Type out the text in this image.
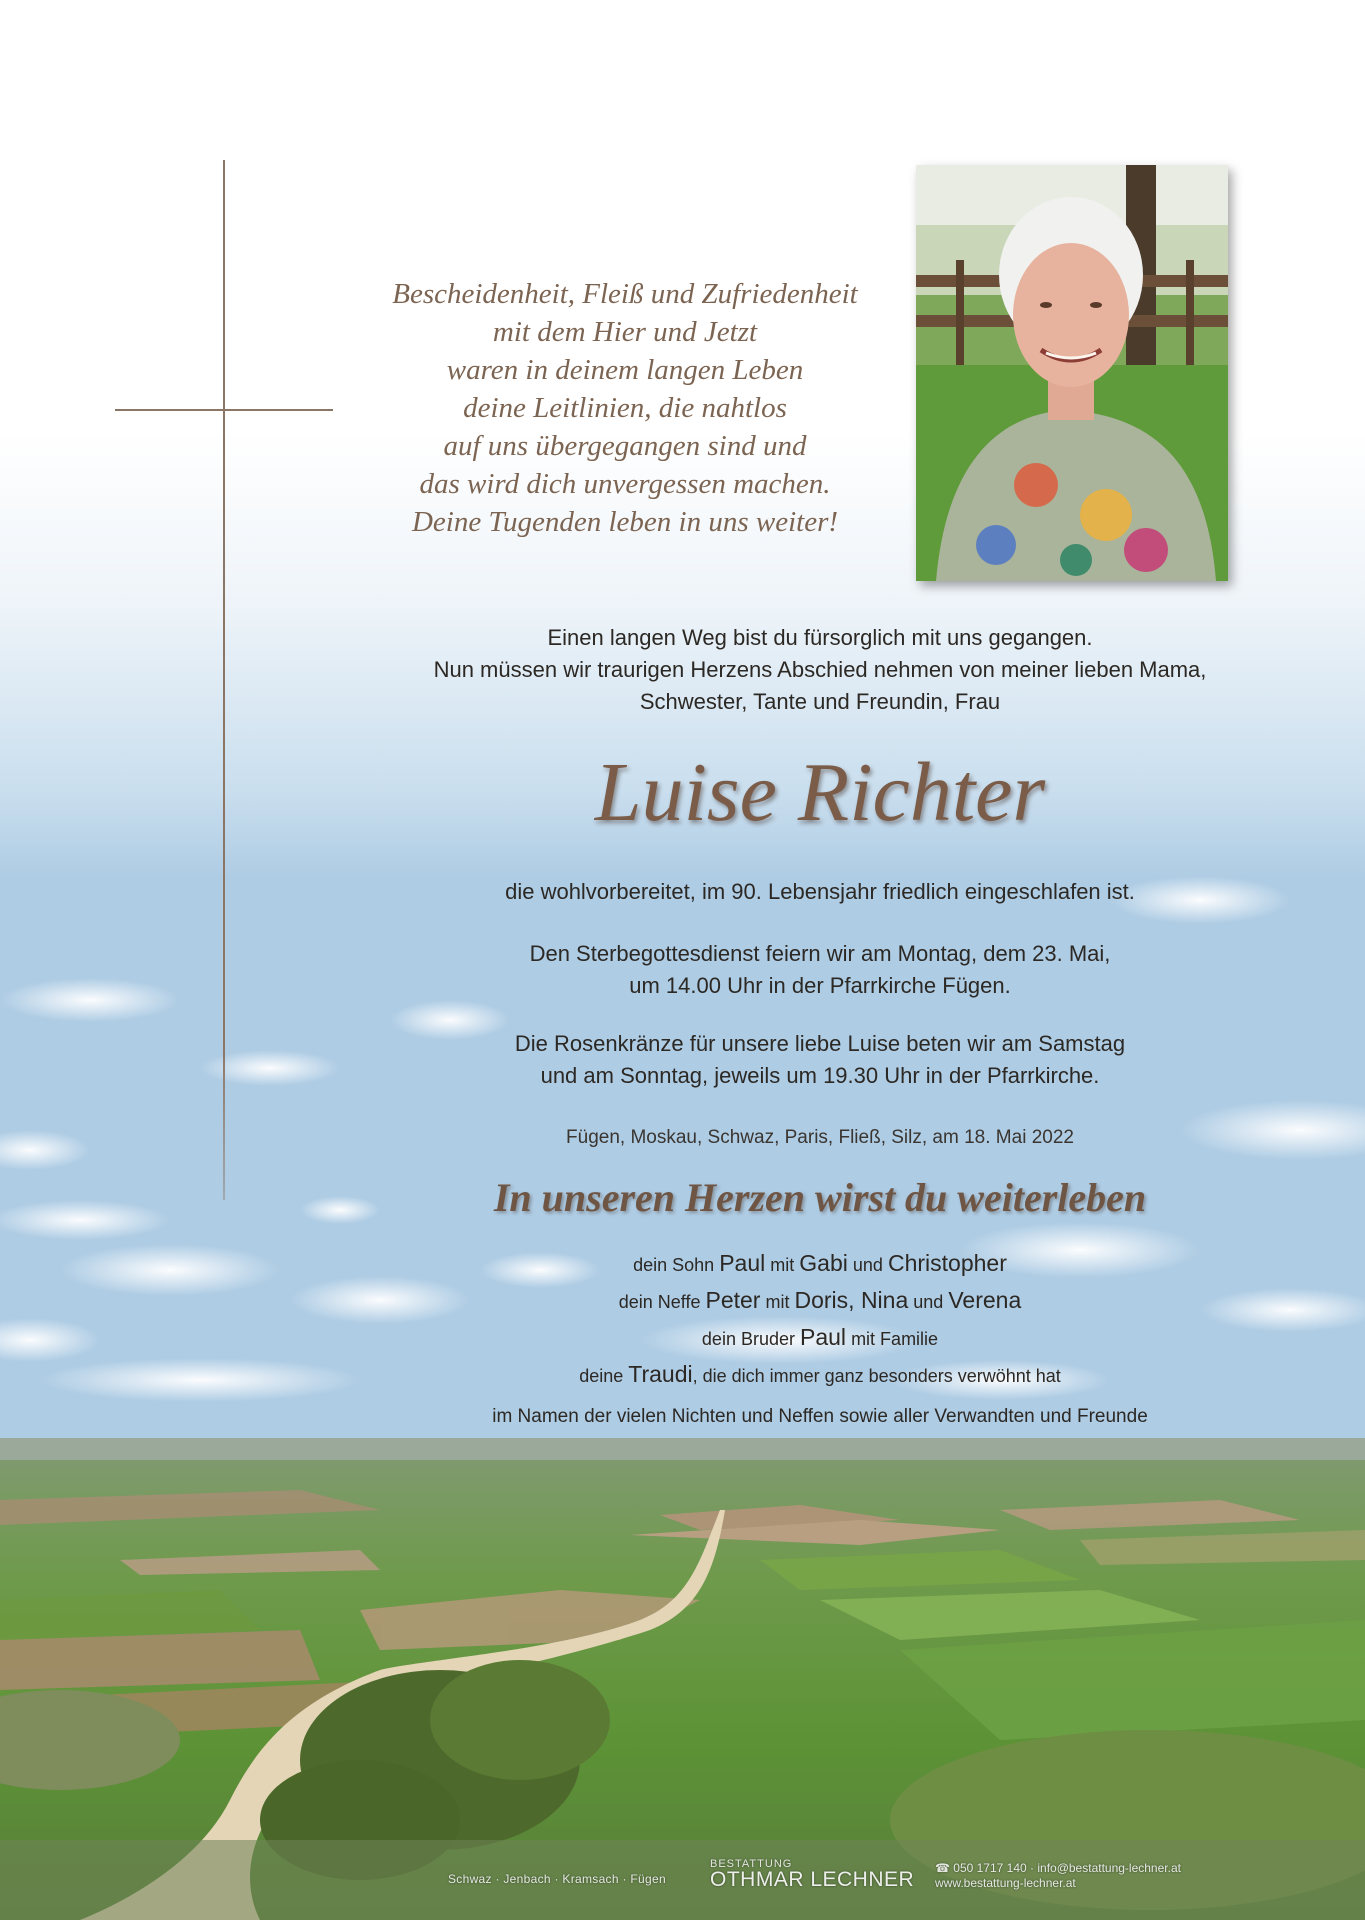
Bescheidenheit, Fleiß und Zufriedenheit

mit dem Hier und Jetzt

waren in deinem langen Leben

deine Leitlinien, die nahtlos

auf uns übergegangen sind und

das wird dich unvergessen machen.

Deine Tugenden leben in uns weiter!

Einen langen Weg bist du fürsorglich mit uns gegangen.
Nun müssen wir traurigen Herzens Abschied nehmen von meiner lieben Mama,
Schwester, Tante und Freundin, Frau
Luise Richter
die wohlvorbereitet, im 90. Lebensjahr friedlich eingeschlafen ist.
Den Sterbegottesdienst feiern wir am Montag, dem 23. Mai,
um 14.00 Uhr in der Pfarrkirche Fügen.
Die Rosenkränze für unsere liebe Luise beten wir am Samstag
und am Sonntag, jeweils um 19.30 Uhr in der Pfarrkirche.
Fügen, Moskau, Schwaz, Paris, Fließ, Silz, am 18. Mai 2022
In unseren Herzen wirst du weiterleben
dein Sohn Paul mit Gabi und Christopher
dein Neffe Peter mit Doris, Nina und Verena
dein Bruder Paul mit Familie
deine Traudi, die dich immer ganz besonders verwöhnt hat
im Namen der vielen Nichten und Neffen sowie aller Verwandten und Freunde
Schwaz · Jenbach · Kramsach · Fügen
BESTATTUNG
OTHMAR LECHNER ☎ 050 1717 140 · info@bestattung-lechner.at
www.bestattung-lechner.at
